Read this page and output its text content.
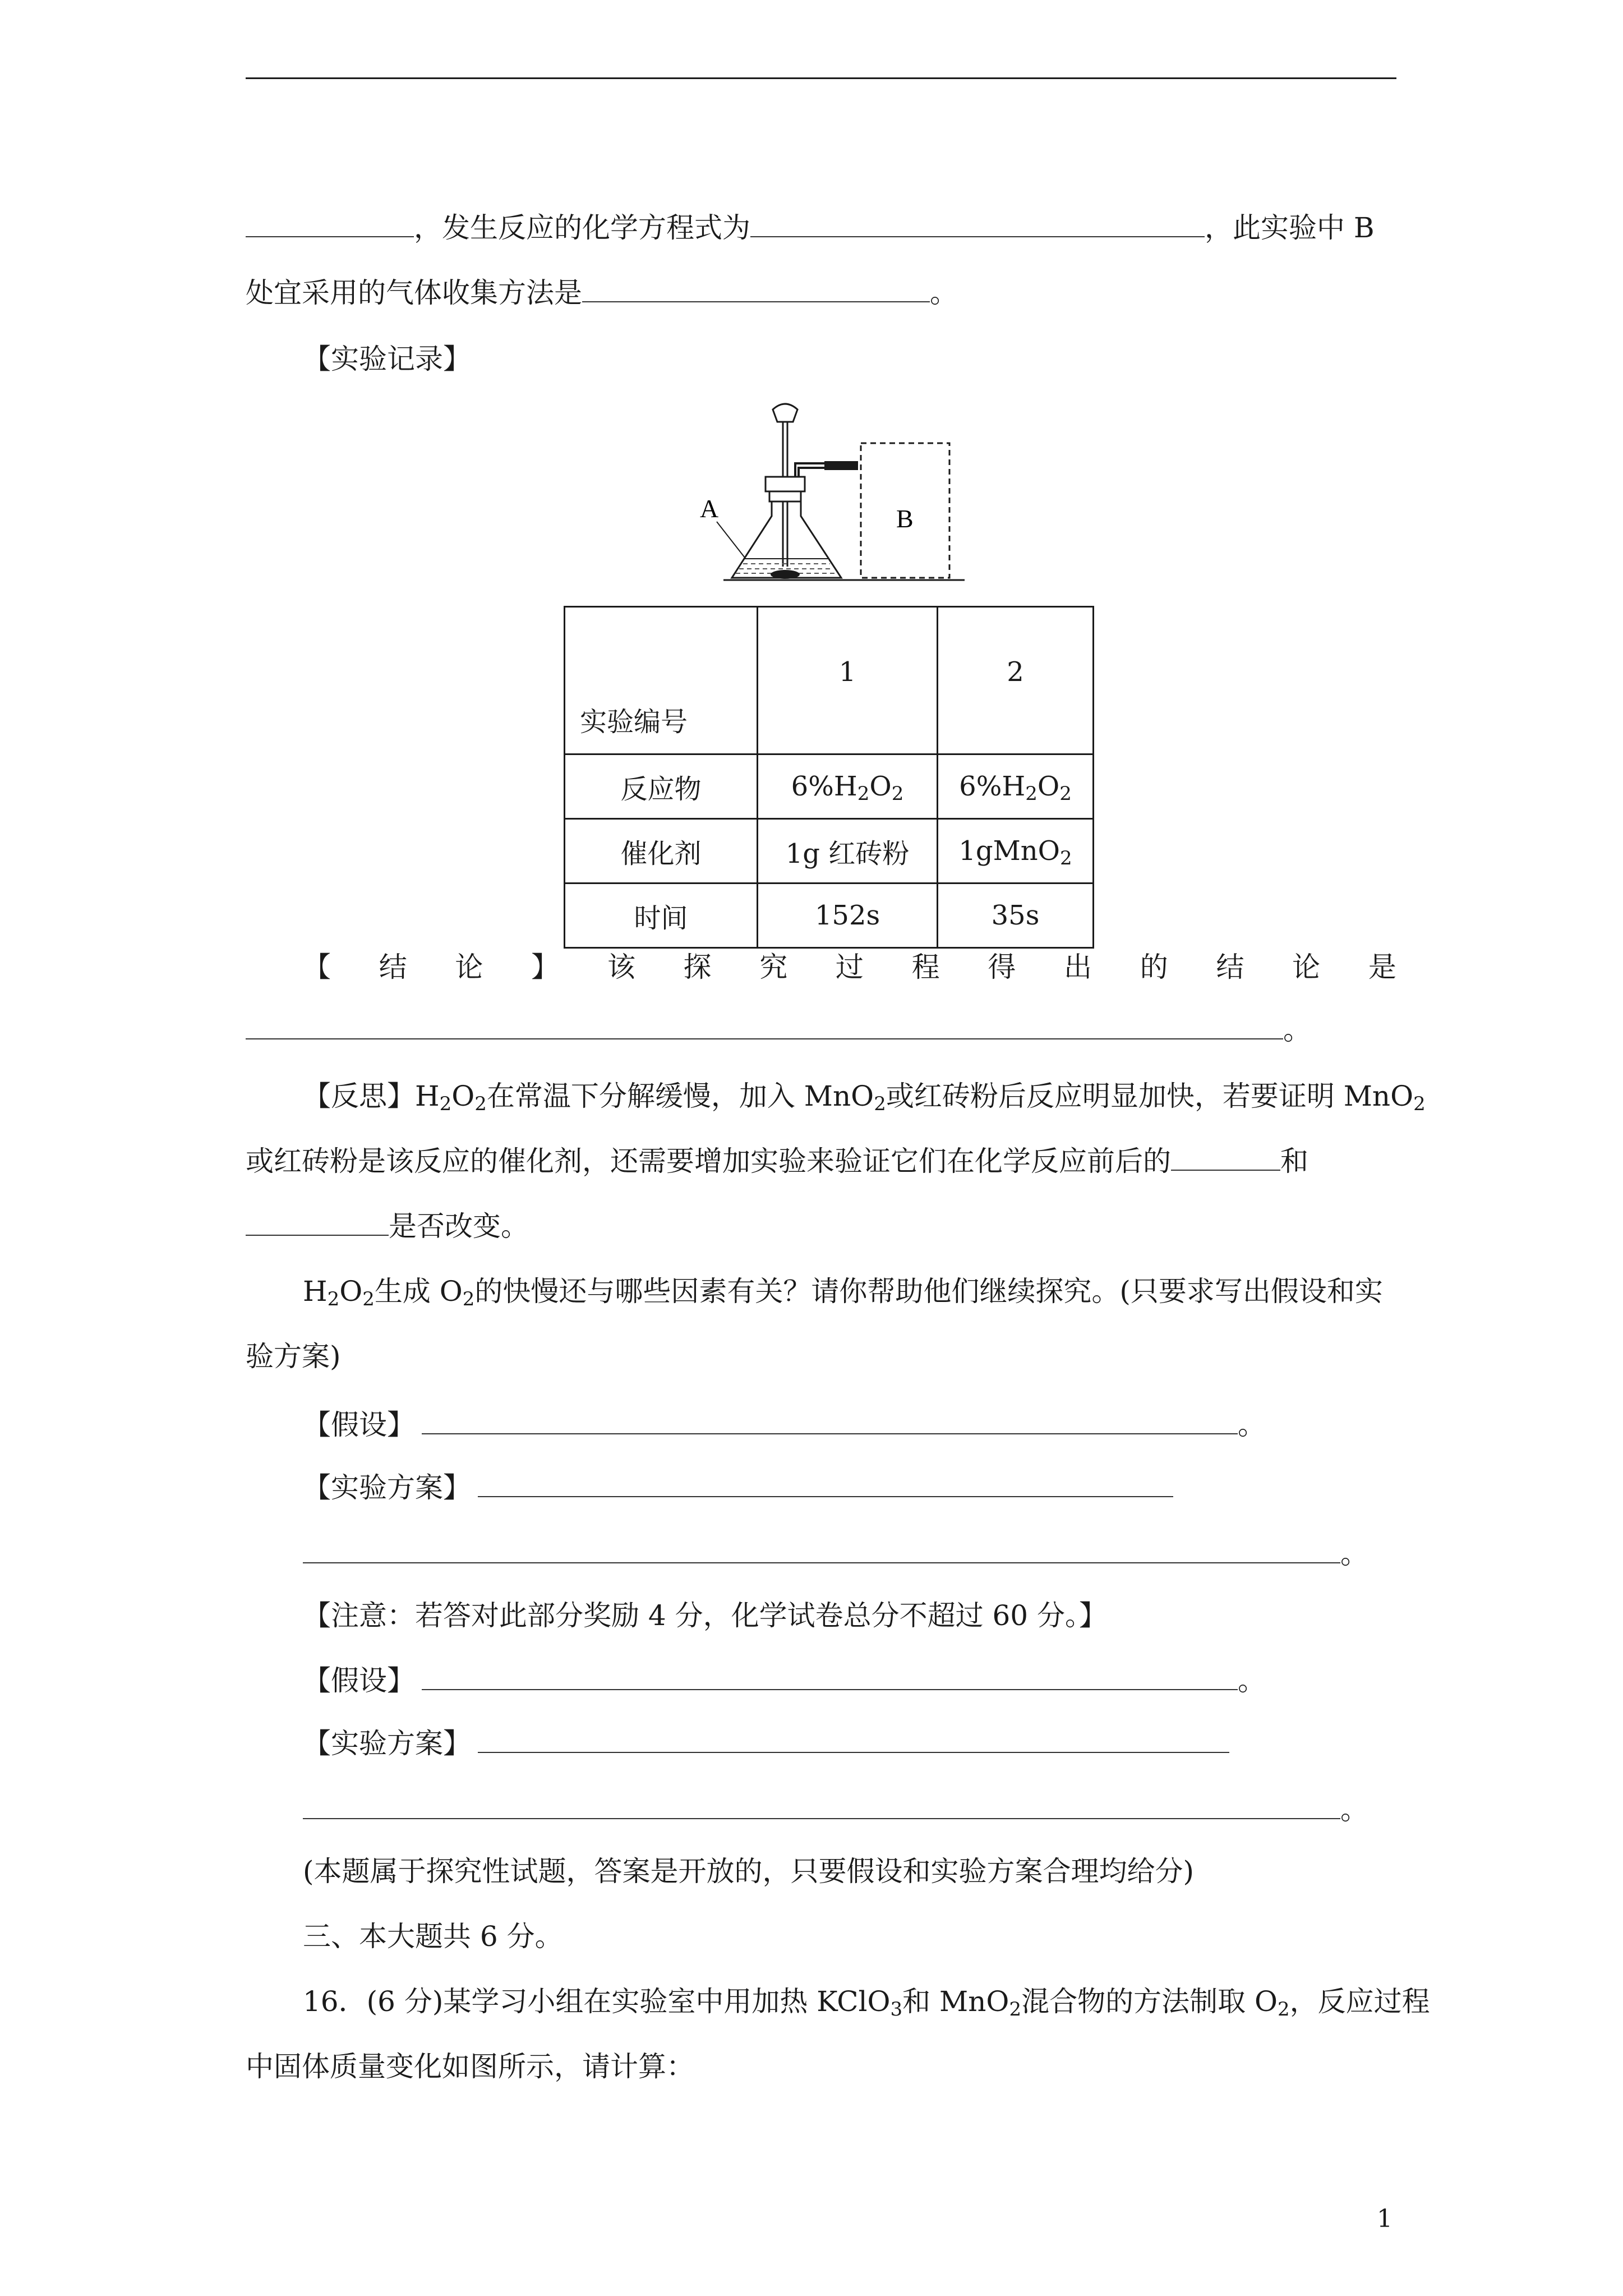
，发生反应的化学方程式为	，此实验中 B
处宜采用的气体收集方法是	。
【实验记录】
A	B
实验编号	1	2
反应物	$6\%H_2O_2$	$6\%H_2O_2$
催化剂	1g 红砖粉	1gMnO$_2$
时间	152s	35s
【 结 论 】 该 探 究 过 程 得 出 的 结 论 是
。
【反思】$H_2O_2$在常温下分解缓慢，加入 MnO$_2$或红砖粉后反应明显加快，若要证明 MnO$_2$
或红砖粉是该反应的催化剂，还需要增加实验来验证它们在化学反应前后的	和
是否改变。
$H_2O_2$生成 $O_2$的快慢还与哪些因素有关？请你帮助他们继续探究。(只要求写出假设和实
验方案)
【假设】	。
【实验方案】
。
【注意：若答对此部分奖励 4 分，化学试卷总分不超过 60 分。】
【假设】	。
【实验方案】
。
(本题属于探究性试题，答案是开放的，只要假设和实验方案合理均给分)
三、本大题共 6 分。
16．(6 分)某学习小组在实验室中用加热 KClO$_3$和 MnO$_2$混合物的方法制取 $O_2$，反应过程
中固体质量变化如图所示，请计算：
1
